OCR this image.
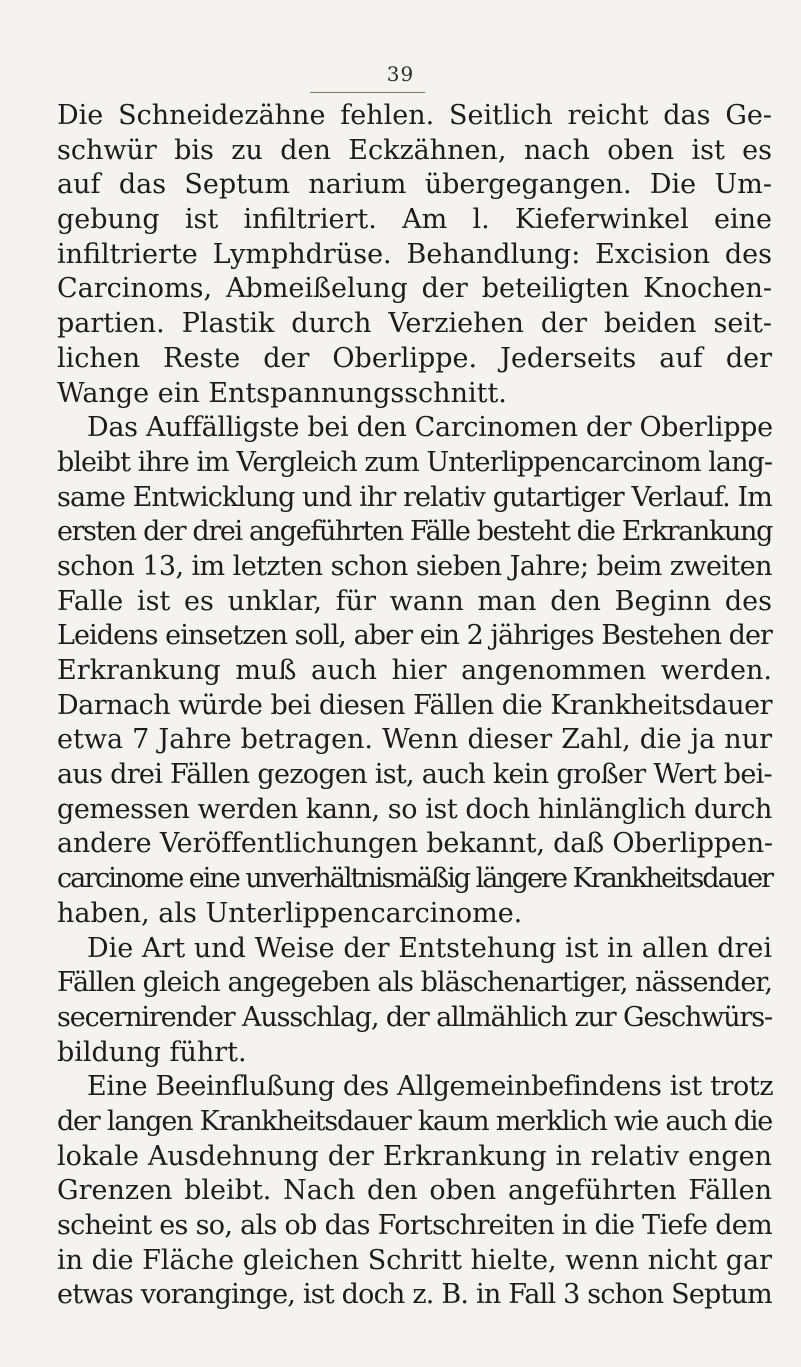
39
Die Schneidezähne fehlen. Seitlich reicht das Ge-
schwür bis zu den Eckzähnen, nach oben ist es
auf das Septum narium übergegangen. Die Um-
gebung ist infiltriert. Am l. Kieferwinkel eine
infiltrierte Lymphdrüse. Behandlung: Excision des
Carcinoms, Abmeißelung der beteiligten Knochen-
partien. Plastik durch Verziehen der beiden seit-
lichen Reste der Oberlippe. Jederseits auf der
Wange ein Entspannungsschnitt.
Das Auffälligste bei den Carcinomen der Oberlippe
bleibt ihre im Vergleich zum Unterlippencarcinom lang-
same Entwicklung und ihr relativ gutartiger Verlauf. Im
ersten der drei angeführten Fälle besteht die Erkrankung
schon 13, im letzten schon sieben Jahre; beim zweiten
Falle ist es unklar, für wann man den Beginn des
Leidens einsetzen soll, aber ein 2 jähriges Bestehen der
Erkrankung muß auch hier angenommen werden.
Darnach würde bei diesen Fällen die Krankheitsdauer
etwa 7 Jahre betragen. Wenn dieser Zahl, die ja nur
aus drei Fällen gezogen ist, auch kein großer Wert bei-
gemessen werden kann, so ist doch hinlänglich durch
andere Veröffentlichungen bekannt, daß Oberlippen-
carcinome eine unverhältnismäßig längere Krankheitsdauer
haben, als Unterlippencarcinome.
Die Art und Weise der Entstehung ist in allen drei
Fällen gleich angegeben als bläschenartiger, nässender,
secernirender Ausschlag, der allmählich zur Geschwürs-
bildung führt.
Eine Beeinflußung des Allgemeinbefindens ist trotz
der langen Krankheitsdauer kaum merklich wie auch die
lokale Ausdehnung der Erkrankung in relativ engen
Grenzen bleibt. Nach den oben angeführten Fällen
scheint es so, als ob das Fortschreiten in die Tiefe dem
in die Fläche gleichen Schritt hielte, wenn nicht gar
etwas voranginge, ist doch z. B. in Fall 3 schon Septum
